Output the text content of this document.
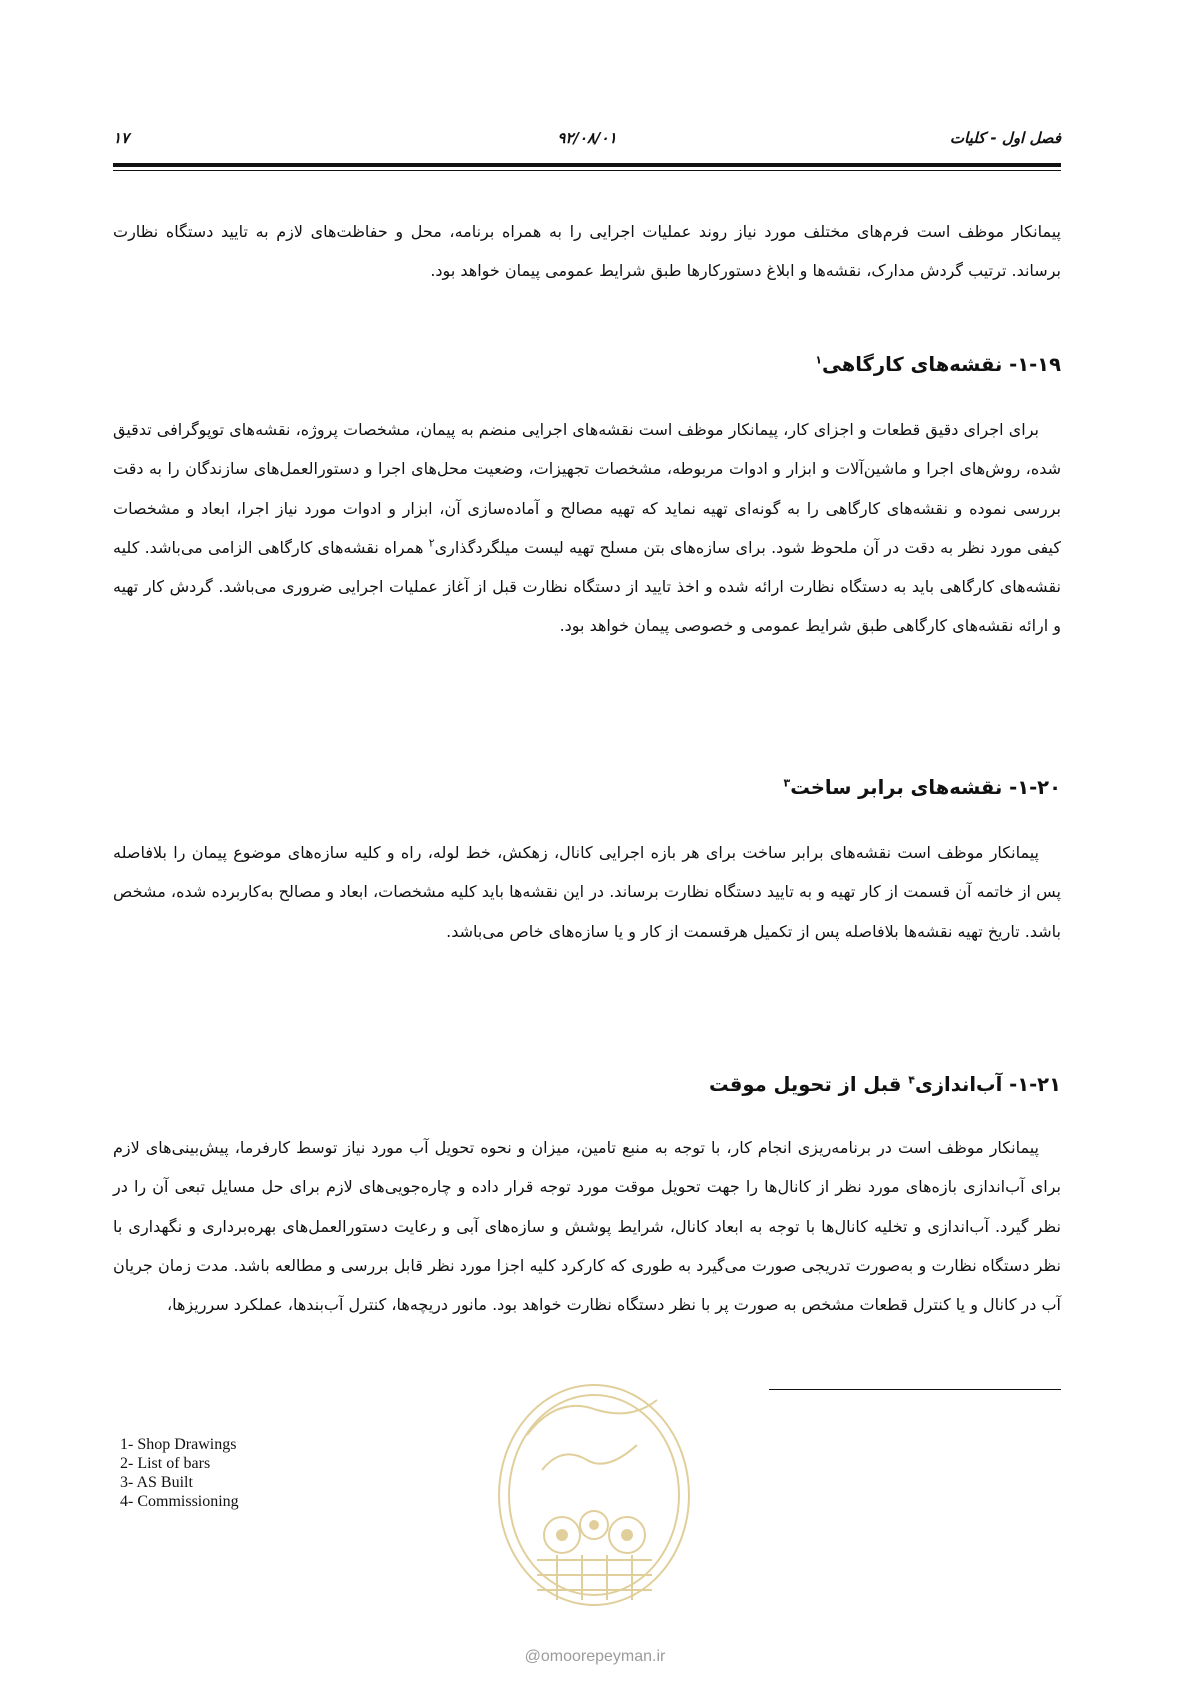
فصل اول - کلیات
۹۲/۰۸/۰۱
۱۷

پیمانکار موظف است فرم‌های مختلف مورد نیاز روند عملیات اجرایی را به همراه برنامه، محل و حفاظت‌های لازم به تایید دستگاه نظارت برساند. ترتیب گردش مدارک، نقشه‌ها و ابلاغ دستورکارها طبق شرایط عمومی پیمان خواهد بود.

۱-۱۹- نقشه‌های کارگاهی$^۱$

برای اجرای دقیق قطعات و اجزای کار، پیمانکار موظف است نقشه‌های اجرایی منضم به پیمان، مشخصات پروژه، نقشه‌های توپوگرافی تدقیق شده، روش‌های اجرا و ماشین‌آلات و ابزار و ادوات مربوطه، مشخصات تجهیزات، وضعیت محل‌های اجرا و دستورالعمل‌های سازندگان را به دقت بررسی نموده و نقشه‌های کارگاهی را به گونه‌ای تهیه نماید که تهیه مصالح و آماده‌سازی آن، ابزار و ادوات مورد نیاز اجرا، ابعاد و مشخصات کیفی مورد نظر به دقت در آن ملحوظ شود. برای سازه‌های بتن مسلح تهیه لیست میلگردگذاری$^۲$ همراه نقشه‌های کارگاهی الزامی می‌باشد. کلیه نقشه‌های کارگاهی باید به دستگاه نظارت ارائه شده و اخذ تایید از دستگاه نظارت قبل از آغاز عملیات اجرایی ضروری می‌باشد. گردش کار تهیه و ارائه نقشه‌های کارگاهی طبق شرایط عمومی و خصوصی پیمان خواهد بود.

۱-۲۰- نقشه‌های برابر ساخت$^۳$

پیمانکار موظف است نقشه‌های برابر ساخت برای هر بازه اجرایی کانال، زهکش، خط لوله، راه و کلیه سازه‌های موضوع پیمان را بلافاصله پس از خاتمه آن قسمت از کار تهیه و به تایید دستگاه نظارت برساند. در این نقشه‌ها باید کلیه مشخصات، ابعاد و مصالح به‌کاربرده شده، مشخص باشد. تاریخ تهیه نقشه‌ها بلافاصله پس از تکمیل هرقسمت از کار و یا سازه‌های خاص می‌باشد.

۱-۲۱- آب‌اندازی$^۴$ قبل از تحویل موقت

پیمانکار موظف است در برنامه‌ریزی انجام کار، با توجه به منبع تامین، میزان و نحوه تحویل آب مورد نیاز توسط کارفرما، پیش‌بینی‌های لازم برای آب‌اندازی بازه‌های مورد نظر از کانال‌ها را جهت تحویل موقت مورد توجه قرار داده و چاره‌جویی‌های لازم برای حل مسایل تبعی آن را در نظر گیرد. آب‌اندازی و تخلیه کانال‌ها با توجه به ابعاد کانال، شرایط پوشش و سازه‌های آبی و رعایت دستورالعمل‌های بهره‌برداری و نگهداری با نظر دستگاه نظارت و به‌صورت تدریجی صورت می‌گیرد به طوری که کارکرد کلیه اجزا مورد نظر قابل بررسی و مطالعه باشد. مدت زمان جریان آب در کانال و یا کنترل قطعات مشخص به صورت پر با نظر دستگاه نظارت خواهد بود. مانور دریچه‌ها، کنترل آب‌بندها، عملکرد سرریزها،

1- Shop Drawings
2- List of bars
3- AS Built
4- Commissioning
@omoorepeyman.ir
